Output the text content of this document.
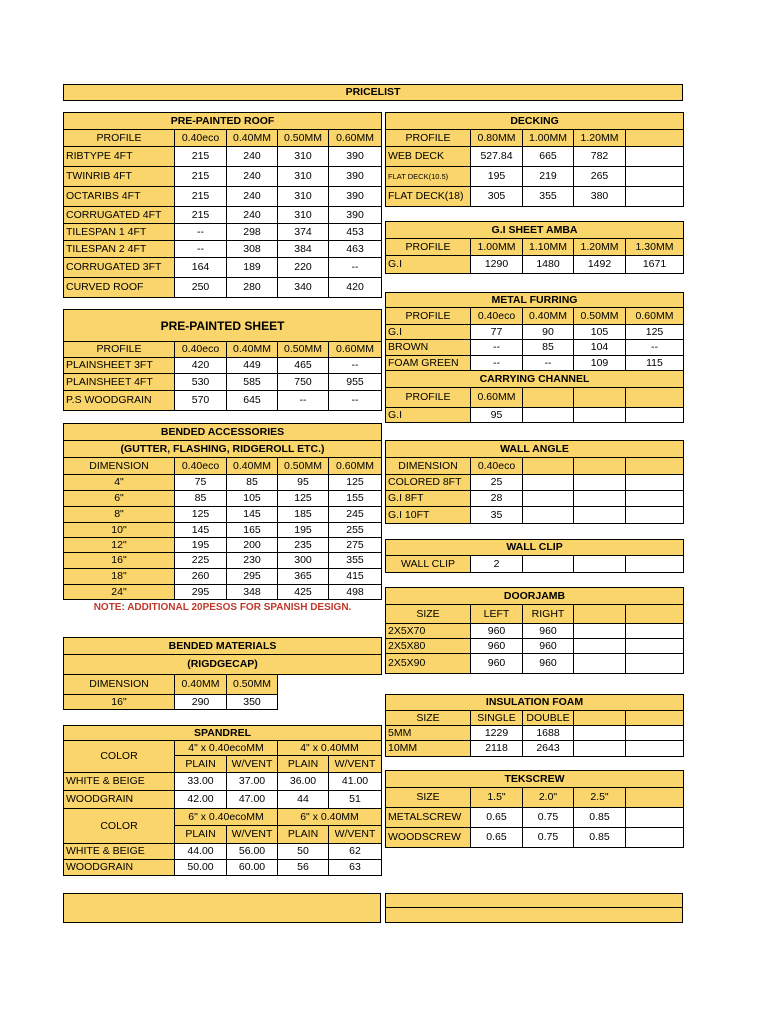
PRICELIST
PRE-PAINTED ROOF				
PROFILE	0.40eco	0.40MM	0.50MM	0.60MM
RIBTYPE 4FT	215	240	310	390
TWINRIB 4FT	215	240	310	390
OCTARIBS 4FT	215	240	310	390
CORRUGATED 4FT	215	240	310	390
TILESPAN 1 4FT	--	298	374	453
TILESPAN 2 4FT	--	308	384	463
CORRUGATED 3FT	164	189	220	--
CURVED ROOF	250	280	340	420
PRE-PAINTED SHEET				
PROFILE	0.40eco	0.40MM	0.50MM	0.60MM
PLAINSHEET 3FT	420	449	465	--
PLAINSHEET 4FT	530	585	750	955
P.S WOODGRAIN	570	645	--	--
BENDED ACCESSORIES				
(GUTTER, FLASHING, RIDGEROLL ETC.)				
DIMENSION	0.40eco	0.40MM	0.50MM	0.60MM
4"	75	85	95	125
6"	85	105	125	155
8"	125	145	185	245
10"	145	165	195	255
12"	195	200	235	275
16"	225	230	300	355
18"	260	295	365	415
24"	295	348	425	498
NOTE: ADDITIONAL 20PESOS FOR SPANISH DESIGN.				
BENDED MATERIALS			
(RIGDGECAP)			
DIMENSION	0.40MM	0.50MM	
16"	290	350	
SPANDREL				
COLOR	4" x 0.40ecoMM		4" x 0.40MM	
	PLAIN	W/VENT	PLAIN	W/VENT
WHITE & BEIGE	33.00	37.00	36.00	41.00
WOODGRAIN	42.00	47.00	44	51
COLOR	6" x 0.40ecoMM		6" x 0.40MM	
	PLAIN	W/VENT	PLAIN	W/VENT
WHITE & BEIGE	44.00	56.00	50	62
WOODGRAIN	50.00	60.00	56	63
DECKING				
PROFILE	0.80MM	1.00MM	1.20MM	
WEB DECK	527.84	665	782	
FLAT DECK(10.5)	195	219	265	
FLAT DECK(18)	305	355	380	
G.I SHEET AMBA				
PROFILE	1.00MM	1.10MM	1.20MM	1.30MM
G.I	1290	1480	1492	1671
METAL FURRING				
PROFILE	0.40eco	0.40MM	0.50MM	0.60MM
G.I	77	90	105	125
BROWN	--	85	104	--
FOAM GREEN	--	--	109	115
CARRYING CHANNEL				
PROFILE	0.60MM			
G.I	95			
WALL ANGLE				
DIMENSION	0.40eco			
COLORED 8FT	25			
G.I 8FT	28			
G.I 10FT	35			
WALL CLIP
WALL CLIP	2			
DOORJAMB				
SIZE	LEFT	RIGHT		
2X5X70	960	960		
2X5X80	960	960		
2X5X90	960	960		
INSULATION FOAM				
SIZE	SINGLE	DOUBLE		
5MM	1229	1688		
10MM	2118	2643		
TEKSCREW				
SIZE	1.5"	2.0"	2.5"	
METALSCREW	0.65	0.75	0.85	
WOODSCREW	0.65	0.75	0.85	
